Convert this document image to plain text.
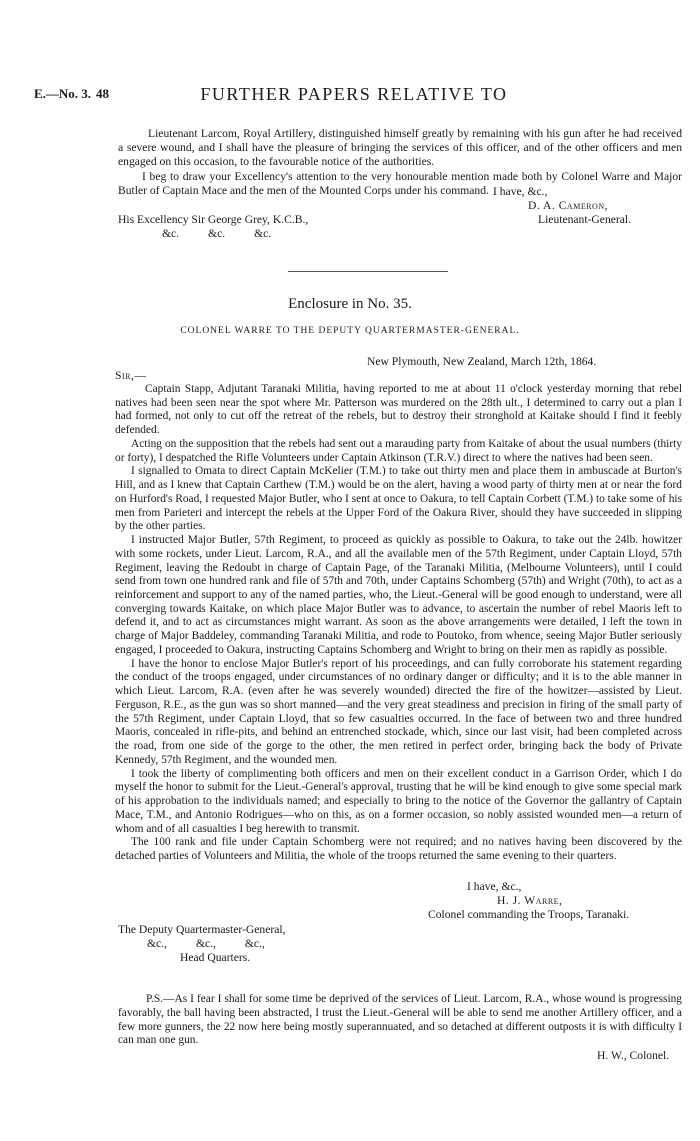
E.—No. 3. 48	FURTHER PAPERS RELATIVE TO

Lieutenant Larcom, Royal Artillery, distinguished himself greatly by remaining with his gun after he had received a severe wound, and I shall have the pleasure of bringing the services of this officer, and of the other officers and men engaged on this occasion, to the favourable notice of the authorities.

I beg to draw your Excellency's attention to the very honourable mention made both by Colonel Warre and Major Butler of Captain Mace and the men of the Mounted Corps under his command. I have, &c.,
D. A. Cameron,
Lieutenant-General.
His Excellency Sir George Grey, K.C.B.,
&c.          &c.          &c.
Enclosure in No. 35.
COLONEL WARRE TO THE DEPUTY QUARTERMASTER-GENERAL.
New Plymouth, New Zealand, March 12th, 1864.
Sir,—

Captain Stapp, Adjutant Taranaki Militia, having reported to me at about 11 o'clock yesterday morning that rebel natives had been seen near the spot where Mr. Patterson was murdered on the 28th ult., I determined to carry out a plan I had formed, not only to cut off the retreat of the rebels, but to destroy their stronghold at Kaitake should I find it feebly defended.

Acting on the supposition that the rebels had sent out a marauding party from Kaitake of about the usual numbers (thirty or forty), I despatched the Rifle Volunteers under Captain Atkinson (T.R.V.) direct to where the natives had been seen.

I signalled to Omata to direct Captain McKelier (T.M.) to take out thirty men and place them in ambuscade at Burton's Hill, and as I knew that Captain Carthew (T.M.) would be on the alert, having a wood party of thirty men at or near the ford on Hurford's Road, I requested Major Butler, who I sent at once to Oakura, to tell Captain Corbett (T.M.) to take some of his men from Parieteri and intercept the rebels at the Upper Ford of the Oakura River, should they have succeeded in slipping by the other parties.

I instructed Major Butler, 57th Regiment, to proceed as quickly as possible to Oakura, to take out the 24lb. howitzer with some rockets, under Lieut. Larcom, R.A., and all the available men of the 57th Regiment, under Captain Lloyd, 57th Regiment, leaving the Redoubt in charge of Captain Page, of the Taranaki Militia, (Melbourne Volunteers), until I could send from town one hundred rank and file of 57th and 70th, under Captains Schomberg (57th) and Wright (70th), to act as a reinforcement and support to any of the named parties, who, the Lieut.-General will be good enough to understand, were all converging towards Kaitake, on which place Major Butler was to advance, to ascertain the number of rebel Maoris left to defend it, and to act as circumstances might warrant. As soon as the above arrangements were detailed, I left the town in charge of Major Baddeley, commanding Taranaki Militia, and rode to Poutoko, from whence, seeing Major Butler seriously engaged, I proceeded to Oakura, instructing Captains Schomberg and Wright to bring on their men as rapidly as possible.

I have the honor to enclose Major Butler's report of his proceedings, and can fully corroborate his statement regarding the conduct of the troops engaged, under circumstances of no ordinary danger or difficulty; and it is to the able manner in which Lieut. Larcom, R.A. (even after he was severely wounded) directed the fire of the howitzer—assisted by Lieut. Ferguson, R.E., as the gun was so short manned—and the very great steadiness and precision in firing of the small party of the 57th Regiment, under Captain Lloyd, that so few casualties occurred. In the face of between two and three hundred Maoris, concealed in rifle-pits, and behind an entrenched stockade, which, since our last visit, had been completed across the road, from one side of the gorge to the other, the men retired in perfect order, bringing back the body of Private Kennedy, 57th Regiment, and the wounded men.

I took the liberty of complimenting both officers and men on their excellent conduct in a Garrison Order, which I do myself the honor to submit for the Lieut.-General's approval, trusting that he will be kind enough to give some special mark of his approbation to the individuals named; and especially to bring to the notice of the Governor the gallantry of Captain Mace, T.M., and Antonio Rodrigues—who on this, as on a former occasion, so nobly assisted wounded men—a return of whom and of all casualties I beg herewith to transmit.

The 100 rank and file under Captain Schomberg were not required; and no natives having been discovered by the detached parties of Volunteers and Militia, the whole of the troops returned the same evening to their quarters.

I have, &c.,
H. J. Warre,
Colonel commanding the Troops, Taranaki.
The Deputy Quartermaster-General,
&c.,          &c.,          &c.,
Head Quarters.

P.S.—As I fear I shall for some time be deprived of the services of Lieut. Larcom, R.A., whose wound is progressing favorably, the ball having been abstracted, I trust the Lieut.-General will be able to send me another Artillery officer, and a few more gunners, the 22 now here being mostly superannuated, and so detached at different outposts it is with difficulty I can man one gun.

H. W., Colonel.
